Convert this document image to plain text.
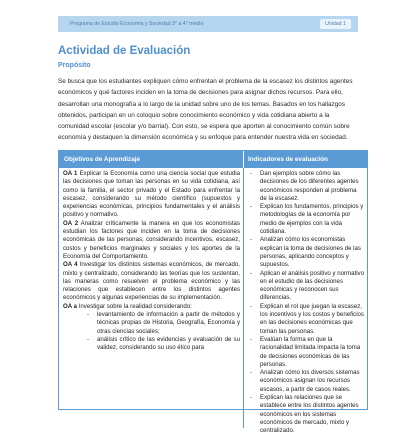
Programa de Estudio Economía y Sociedad 3° a 4° medio	Unidad 1
Actividad de Evaluación
Propósito

Se busca que los estudiantes expliquen cómo enfrentan el problema de la escasez los distintos agentes económicos y qué factores inciden en la toma de decisiones para asignar dichos recursos. Para ello, desarrollan una monografía a lo largo de la unidad sobre uno de los temas. Basados en los hallazgos obtenidos, participan en un coloquio sobre conocimiento económico y vida cotidiana abierto a la comunidad escolar (escolar y/o barrial). Con esto, se espera que aporten al conocimiento común sobre economía y destaquen la dimensión económica y su enfoque para entender nuestra vida en sociedad.

Objetivos de Aprendizaje	Indicadores de evaluación

OA 1 Explicar la Economía como una ciencia social que estudia las decisiones que toman las personas en su vida cotidiana, así como la familia, el sector privado y el Estado para enfrentar la escasez, considerando su método científico (supuestos y experiencias económicas, principios fundamentales y el análisis positivo y normativo.

OA 2 Analizar críticamente la manera en que los economistas estudian los factores que inciden en la toma de decisiones económicas de las personas, considerando incentivos, escasez, costos y beneficios marginales y sociales y los aportes de la Economía del Comportamiento.

OA 4 Investigar los distintos sistemas económicos, de mercado, mixto y centralizado, considerando las teorías que los sustentan, las maneras como resuelven el problema económico y las relaciones que establecen entre los distintos agentes económicos y algunas experiencias de su implementación.

OA a Investigar sobre la realidad considerando:

- levantamiento de información a partir de métodos y técnicas propias de Historia, Geografía, Economía y otras ciencias sociales;
- análisis crítico de las evidencias y evaluación de su validez, considerando su uso ético para
- Dan ejemplos sobre cómo las decisiones de los diferentes agentes económicos responden al problema de la escasez.
- Explican los fundamentos, principios y metodologías de la economía por medio de ejemplos con la vida cotidiana.
- Analizan cómo los economistas explican la toma de decisiones de las personas, aplicando conceptos y supuestos.
- Aplican el análisis positivo y normativo en el estudio de las decisiones económicas y reconocen sus diferencias.
- Explican el rol que juegan la escasez, los incentivos y los costos y beneficios en las decisiones económicas que toman las personas.
- Evalúan la forma en que la racionalidad limitada impacta la toma de decisiones económicas de las personas.
- Analizan cómo los diversos sistemas económicos asignan los recursos escasos, a partir de casos reales.
- Explican las relaciones que se establece entre los distintos agentes económicos en los sistemas económicos de mercado, mixto y centralizado.
